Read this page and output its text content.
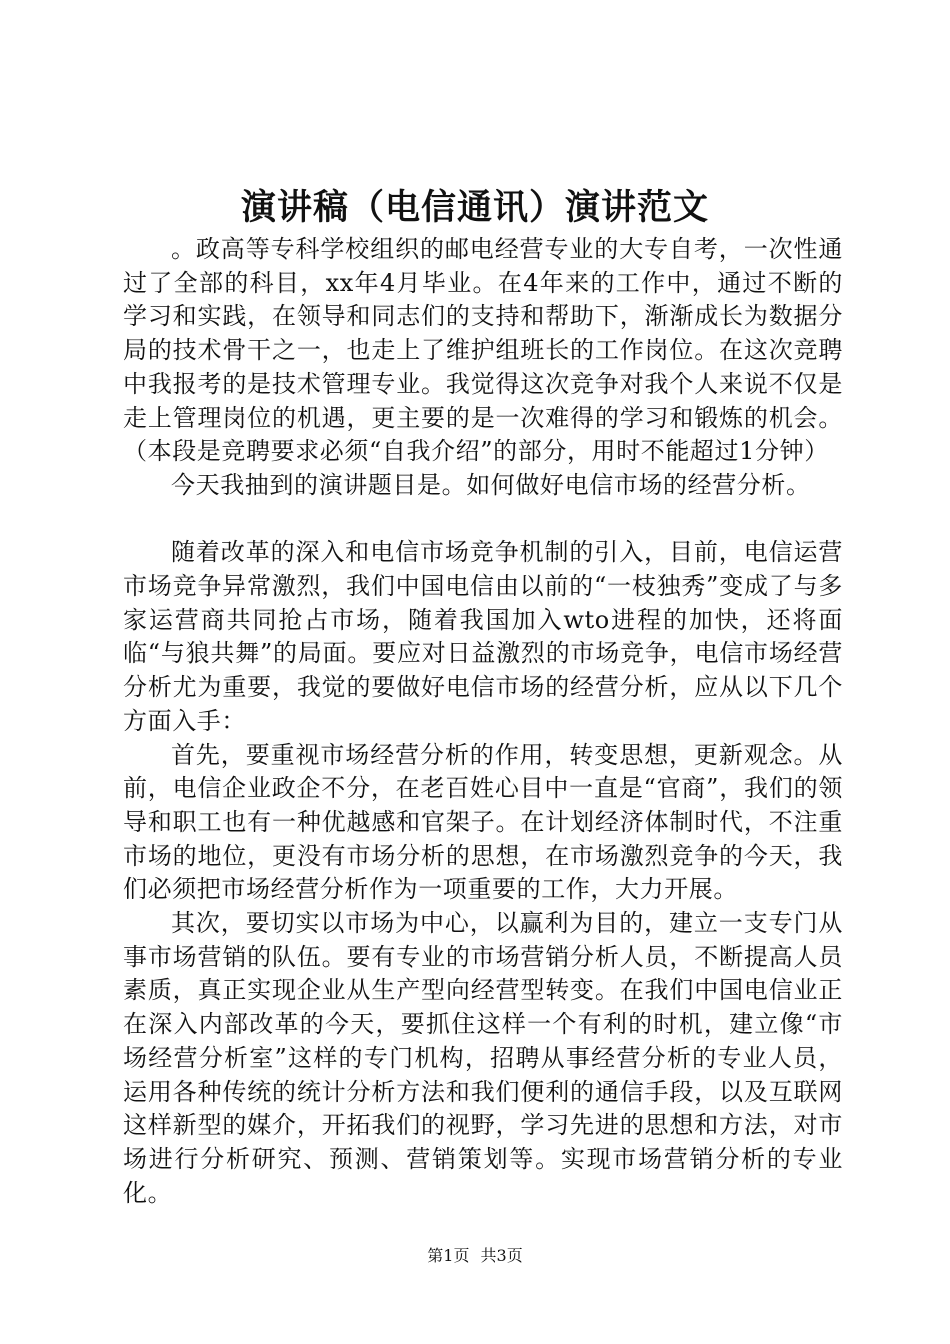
演讲稿（电信通讯）演讲范文

。政高等专科学校组织的邮电经营专业的大专自考，一次性通过了全部的科目，xx年4月毕业。在4年来的工作中，通过不断的学习和实践，在领导和同志们的支持和帮助下，渐渐成长为数据分局的技术骨干之一，也走上了维护组班长的工作岗位。在这次竞聘中我报考的是技术管理专业。我觉得这次竞争对我个人来说不仅是走上管理岗位的机遇，更主要的是一次难得的学习和锻炼的机会。（本段是竞聘要求必须“自我介绍”的部分，用时不能超过1分钟）

今天我抽到的演讲题目是。如何做好电信市场的经营分析。

随着改革的深入和电信市场竞争机制的引入，目前，电信运营市场竞争异常激烈，我们中国电信由以前的“一枝独秀”变成了与多家运营商共同抢占市场，随着我国加入wto进程的加快，还将面临“与狼共舞”的局面。要应对日益激烈的市场竞争，电信市场经营分析尤为重要，我觉的要做好电信市场的经营分析，应从以下几个方面入手：

首先，要重视市场经营分析的作用，转变思想，更新观念。从前，电信企业政企不分，在老百姓心目中一直是“官商”，我们的领导和职工也有一种优越感和官架子。在计划经济体制时代，不注重市场的地位，更没有市场分析的思想，在市场激烈竞争的今天，我们必须把市场经营分析作为一项重要的工作，大力开展。

其次，要切实以市场为中心，以赢利为目的，建立一支专门从事市场营销的队伍。要有专业的市场营销分析人员，不断提高人员素质，真正实现企业从生产型向经营型转变。在我们中国电信业正在深入内部改革的今天，要抓住这样一个有利的时机，建立像“市场经营分析室”这样的专门机构，招聘从事经营分析的专业人员，运用各种传统的统计分析方法和我们便利的通信手段，以及互联网这样新型的媒介，开拓我们的视野，学习先进的思想和方法，对市场进行分析研究、预测、营销策划等。实现市场营销分析的专业化。

第1页 共3页
